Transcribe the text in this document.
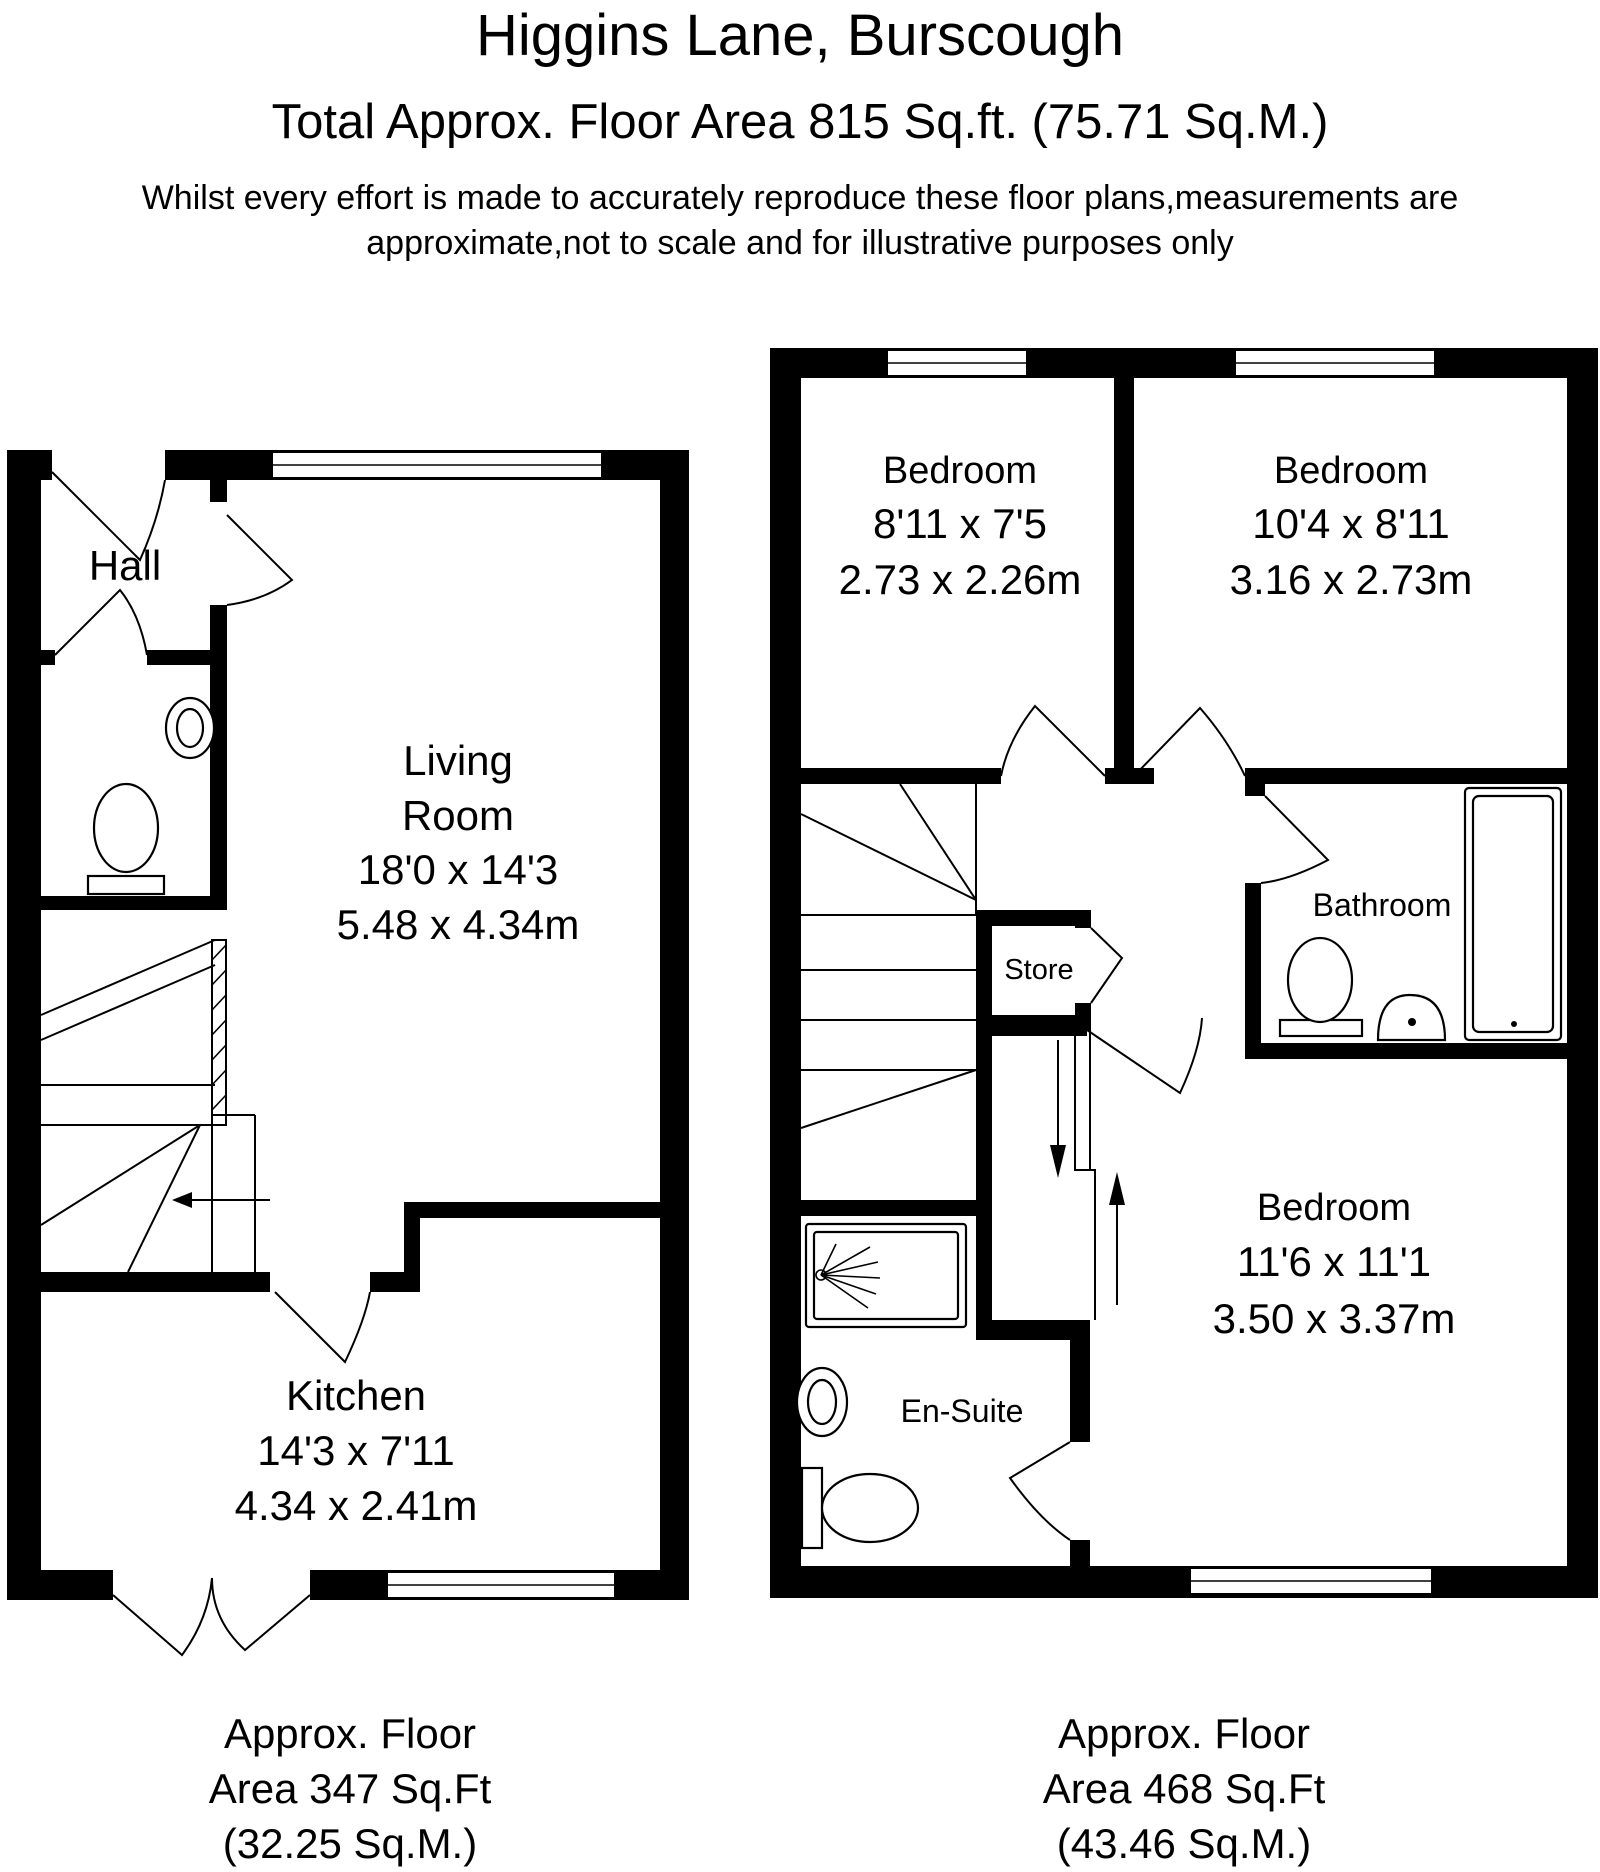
Higgins Lane, Burscough
Total Approx. Floor Area 815 Sq.ft. (75.71 Sq.M.)
Whilst every effort is made to accurately reproduce these floor plans,measurements are
approximate,not to scale and for illustrative purposes only
Hall
Living
Room
18'0 x 14'3
5.48 x 4.34m
Kitchen
14'3 x 7'11
4.34 x 2.41m
Approx. Floor
Area 347 Sq.Ft
(32.25 Sq.M.)
Bedroom
8'11 x 7'5
2.73 x 2.26m
Bedroom
10'4 x 8'11
3.16 x 2.73m
Bathroom
Store
Bedroom
11'6 x 11'1
3.50 x 3.37m
En-Suite
Approx. Floor
Area 468 Sq.Ft
(43.46 Sq.M.)
